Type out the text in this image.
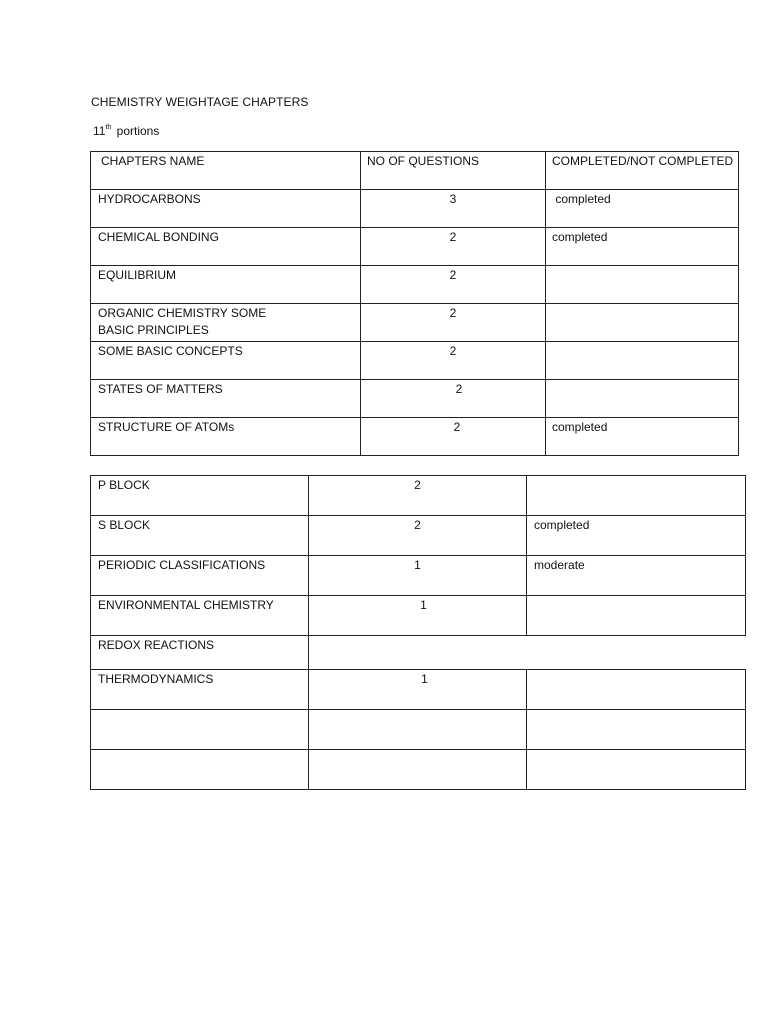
CHEMISTRY WEIGHTAGE CHAPTERS
11th portions
CHAPTERS NAME	NO OF QUESTIONS	COMPLETED/NOT COMPLETED
HYDROCARBONS	3	completed
CHEMICAL BONDING	2	completed
EQUILIBRIUM	2	
ORGANIC CHEMISTRY SOME BASIC PRINCIPLES	2	
SOME BASIC CONCEPTS	2	
STATES OF MATTERS	2	
STRUCTURE OF ATOMs	2	completed
P BLOCK	2	
S BLOCK	2	completed
PERIODIC CLASSIFICATIONS	1	moderate
ENVIRONMENTAL CHEMISTRY	1	
REDOX REACTIONS		
THERMODYNAMICS	1	
